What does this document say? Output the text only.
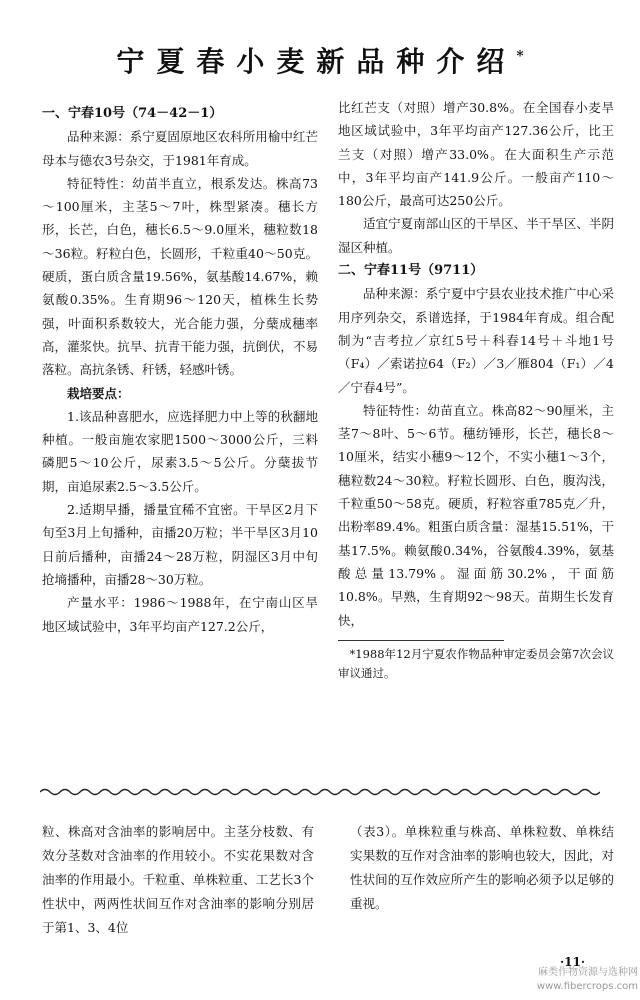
宁夏春小麦新品种介绍*
一、宁春10号（74－42－1）

品种来源：系宁夏固原地区农科所用榆中红芒母本与德农3号杂交，于1981年育成。

特征特性：幼苗半直立，根系发达。株高73～100厘米，主茎5～7叶，株型紧凑。穗长方形，长芒，白色，穗长6.5～9.0厘米，穗粒数18～36粒。籽粒白色，长圆形，千粒重40～50克。硬质，蛋白质含量19.56%，氨基酸14.67%，赖氨酸0.35%。生育期96～120天，植株生长势强，叶面积系数较大，光合能力强，分蘖成穗率高，灌浆快。抗旱、抗青干能力强，抗倒伏，不易落粒。高抗条锈、秆锈，轻感叶锈。

栽培要点：

1.该品种喜肥水，应选择肥力中上等的秋翻地种植。一般亩施农家肥1500～3000公斤，三料磷肥5～10公斤，尿素3.5～5公斤。分蘖拔节期，亩追尿素2.5～3.5公斤。

2.适期早播，播量宜稀不宜密。干旱区2月下旬至3月上旬播种，亩播20万粒；半干旱区3月10日前后播种，亩播24～28万粒，阴湿区3月中旬抢墒播种，亩播28～30万粒。

产量水平：1986～1988年，在宁南山区旱地区域试验中，3年平均亩产127.2公斤，

比红芒支（对照）增产30.8%。在全国春小麦旱地区域试验中，3年平均亩产127.36公斤，比王兰支（对照）增产33.0%。在大面积生产示范中，3年平均亩产141.9公斤。一般亩产110～180公斤，最高可达250公斤。

适宜宁夏南部山区的干旱区、半干旱区、半阴湿区种植。

二、宁春11号（9711）

品种来源：系宁夏中宁县农业技术推广中心采用序列杂交，系谱选择，于1984年育成。组合配制为“吉考拉／京红5号＋科春14号＋斗地1号（F₄）／索诺拉64（F₂）／3／雁804（F₁）／4／宁春4号”。

特征特性：幼苗直立。株高82～90厘米，主茎7～8叶、5～6节。穗纺锤形，长芒，穗长8～10厘米，结实小穗9～12个，不实小穗1～3个，穗粒数24～30粒。籽粒长圆形、白色，腹沟浅，千粒重50～58克。硬质，籽粒容重785克／升，出粉率89.4%。粗蛋白质含量：湿基15.51%，干基17.5%。赖氨酸0.34%，谷氨酸4.39%，氨基酸总量13.79%。湿面筋30.2%，干面筋10.8%。早熟，生育期92～98天。苗期生长发育快，

*1988年12月宁夏农作物品种审定委员会第7次会议审议通过。

粒、株高对含油率的影响居中。主茎分枝数、有效分茎数对含油率的作用较小。不实花果数对含油率的作用最小。千粒重、单株粒重、工艺长3个性状中，两两性状间互作对含油率的影响分别居于第1、3、4位

（表3）。单株粒重与株高、单株粒数、单株结实果数的互作对含油率的影响也较大，因此，对性状间的互作效应所产生的影响必须予以足够的重视。

·11·
麻类作物资源与选种网
www.fibercrops.com
